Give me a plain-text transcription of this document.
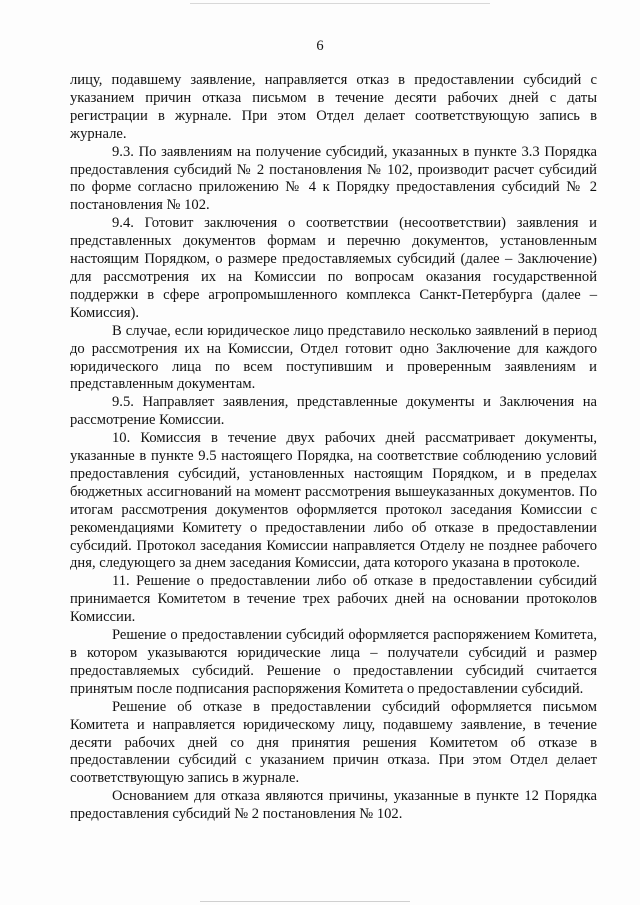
6

лицу, подавшему заявление, направляется отказ в предоставлении субсидий с указанием причин отказа письмом в течение десяти рабочих дней с даты регистрации в журнале. При этом Отдел делает соответствующую запись в журнале.

9.3. По заявлениям на получение субсидий, указанных в пункте 3.3 Порядка предоставления субсидий № 2 постановления № 102, производит расчет субсидий по форме согласно приложению № 4 к Порядку предоставления субсидий № 2 постановления № 102.

9.4. Готовит заключения о соответствии (несоответствии) заявления и представленных документов формам и перечню документов, установленным настоящим Порядком, о размере предоставляемых субсидий (далее – Заключение) для рассмотрения их на Комиссии по вопросам оказания государственной поддержки в сфере агропромышленного комплекса Санкт-Петербурга (далее – Комиссия).

В случае, если юридическое лицо представило несколько заявлений в период до рассмотрения их на Комиссии, Отдел готовит одно Заключение для каждого юридического лица по всем поступившим и проверенным заявлениям и представленным документам.

9.5. Направляет заявления, представленные документы и Заключения на рассмотрение Комиссии.

10. Комиссия в течение двух рабочих дней рассматривает документы, указанные в пункте 9.5 настоящего Порядка, на соответствие соблюдению условий предоставления субсидий, установленных настоящим Порядком, и в пределах бюджетных ассигнований на момент рассмотрения вышеуказанных документов. По итогам рассмотрения документов оформляется протокол заседания Комиссии с рекомендациями Комитету о предоставлении либо об отказе в предоставлении субсидий. Протокол заседания Комиссии направляется Отделу не позднее рабочего дня, следующего за днем заседания Комиссии, дата которого указана в протоколе.

11. Решение о предоставлении либо об отказе в предоставлении субсидий принимается Комитетом в течение трех рабочих дней на основании протоколов Комиссии.

Решение о предоставлении субсидий оформляется распоряжением Комитета, в котором указываются юридические лица – получатели субсидий и размер предоставляемых субсидий. Решение о предоставлении субсидий считается принятым после подписания распоряжения Комитета о предоставлении субсидий.

Решение об отказе в предоставлении субсидий оформляется письмом Комитета и направляется юридическому лицу, подавшему заявление, в течение десяти рабочих дней со дня принятия решения Комитетом об отказе в предоставлении субсидий с указанием причин отказа. При этом Отдел делает соответствующую запись в журнале.

Основанием для отказа являются причины, указанные в пункте 12 Порядка предоставления субсидий № 2 постановления № 102.
